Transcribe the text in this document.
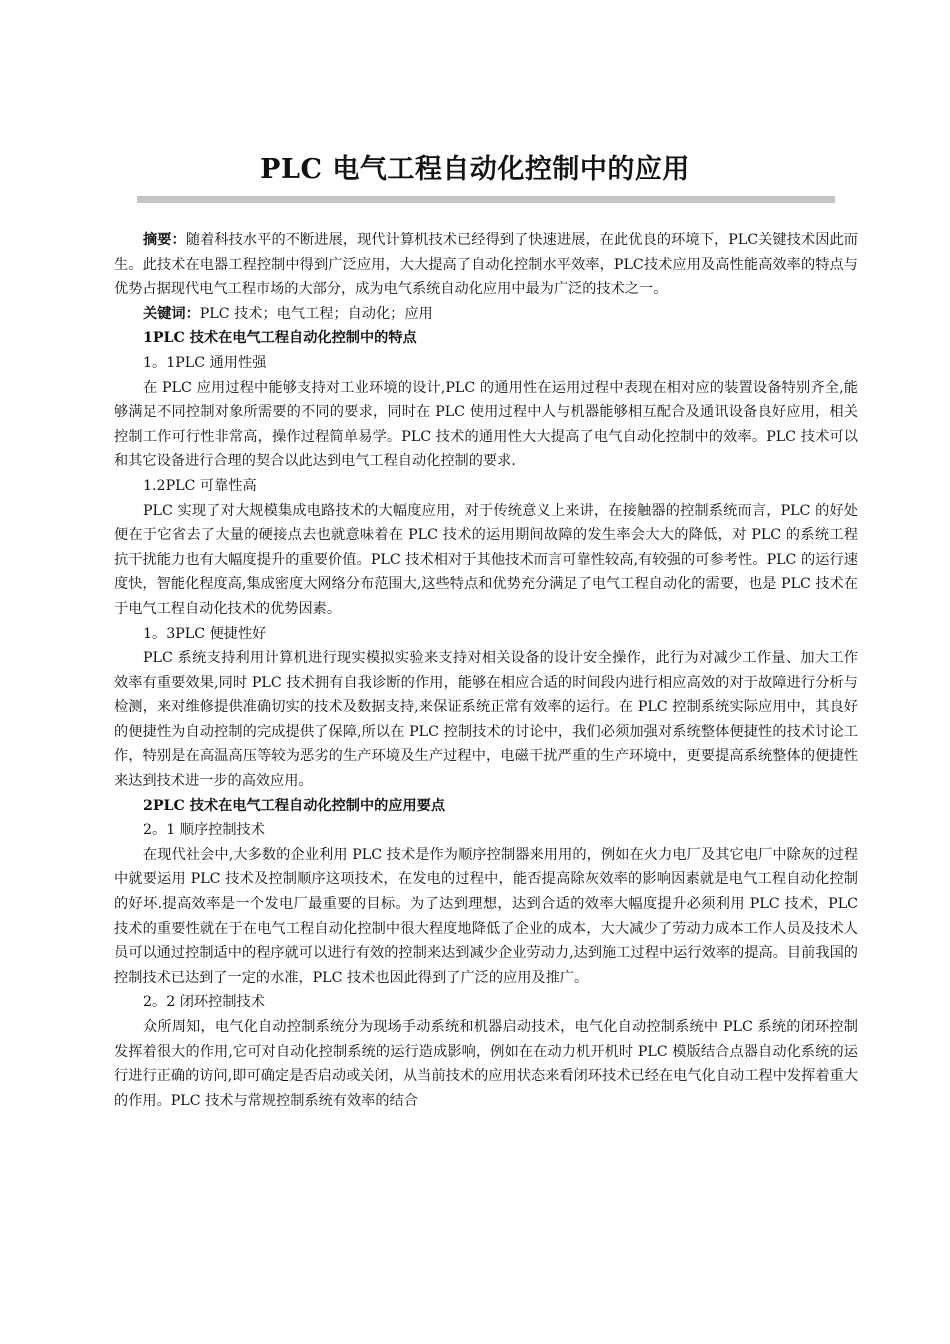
PLC 电气工程自动化控制中的应用

摘要：随着科技水平的不断进展，现代计算机技术已经得到了快速进展，在此优良的环境下，PLC关键技术因此而生。此技术在电器工程控制中得到广泛应用，大大提高了自动化控制水平效率，PLC技术应用及高性能高效率的特点与优势占据现代电气工程市场的大部分，成为电气系统自动化应用中最为广泛的技术之一。

关键词：PLC 技术；电气工程；自动化；应用

1PLC 技术在电气工程自动化控制中的特点

1。1PLC 通用性强

在 PLC 应用过程中能够支持对工业环境的设计,PLC 的通用性在运用过程中表现在相对应的装置设备特别齐全,能够满足不同控制对象所需要的不同的要求，同时在 PLC 使用过程中人与机器能够相互配合及通讯设备良好应用，相关控制工作可行性非常高，操作过程简单易学。PLC 技术的通用性大大提高了电气自动化控制中的效率。PLC 技术可以和其它设备进行合理的契合以此达到电气工程自动化控制的要求.

1.2PLC 可靠性高

PLC 实现了对大规模集成电路技术的大幅度应用，对于传统意义上来讲，在接触器的控制系统而言，PLC 的好处便在于它省去了大量的硬接点去也就意味着在 PLC 技术的运用期间故障的发生率会大大的降低，对 PLC 的系统工程抗干扰能力也有大幅度提升的重要价值。PLC 技术相对于其他技术而言可靠性较高,有较强的可参考性。PLC 的运行速度快，智能化程度高,集成密度大网络分布范围大,这些特点和优势充分满足了电气工程自动化的需要，也是 PLC 技术在于电气工程自动化技术的优势因素。

1。3PLC 便捷性好

PLC 系统支持利用计算机进行现实模拟实验来支持对相关设备的设计安全操作，此行为对减少工作量、加大工作效率有重要效果,同时 PLC 技术拥有自我诊断的作用，能够在相应合适的时间段内进行相应高效的对于故障进行分析与检测，来对维修提供准确切实的技术及数据支持,来保证系统正常有效率的运行。在 PLC 控制系统实际应用中，其良好的便捷性为自动控制的完成提供了保障,所以在 PLC 控制技术的讨论中，我们必须加强对系统整体便捷性的技术讨论工作，特别是在高温高压等较为恶劣的生产环境及生产过程中，电磁干扰严重的生产环境中，更要提高系统整体的便捷性来达到技术进一步的高效应用。

2PLC 技术在电气工程自动化控制中的应用要点

2。1 顺序控制技术

在现代社会中,大多数的企业利用 PLC 技术是作为顺序控制器来用用的，例如在火力电厂及其它电厂中除灰的过程中就要运用 PLC 技术及控制顺序这项技术，在发电的过程中，能否提高除灰效率的影响因素就是电气工程自动化控制的好坏.提高效率是一个发电厂最重要的目标。为了达到理想，达到合适的效率大幅度提升必须利用 PLC 技术，PLC 技术的重要性就在于在电气工程自动化控制中很大程度地降低了企业的成本，大大减少了劳动力成本工作人员及技术人员可以通过控制适中的程序就可以进行有效的控制来达到减少企业劳动力,达到施工过程中运行效率的提高。目前我国的控制技术已达到了一定的水准，PLC 技术也因此得到了广泛的应用及推广。

2。2 闭环控制技术

众所周知，电气化自动控制系统分为现场手动系统和机器启动技术，电气化自动控制系统中 PLC 系统的闭环控制发挥着很大的作用,它可对自动化控制系统的运行造成影响，例如在在动力机开机时 PLC 模版结合点器自动化系统的运行进行正确的访问,即可确定是否启动或关闭，从当前技术的应用状态来看闭环技术已经在电气化自动工程中发挥着重大的作用。PLC 技术与常规控制系统有效率的结合
